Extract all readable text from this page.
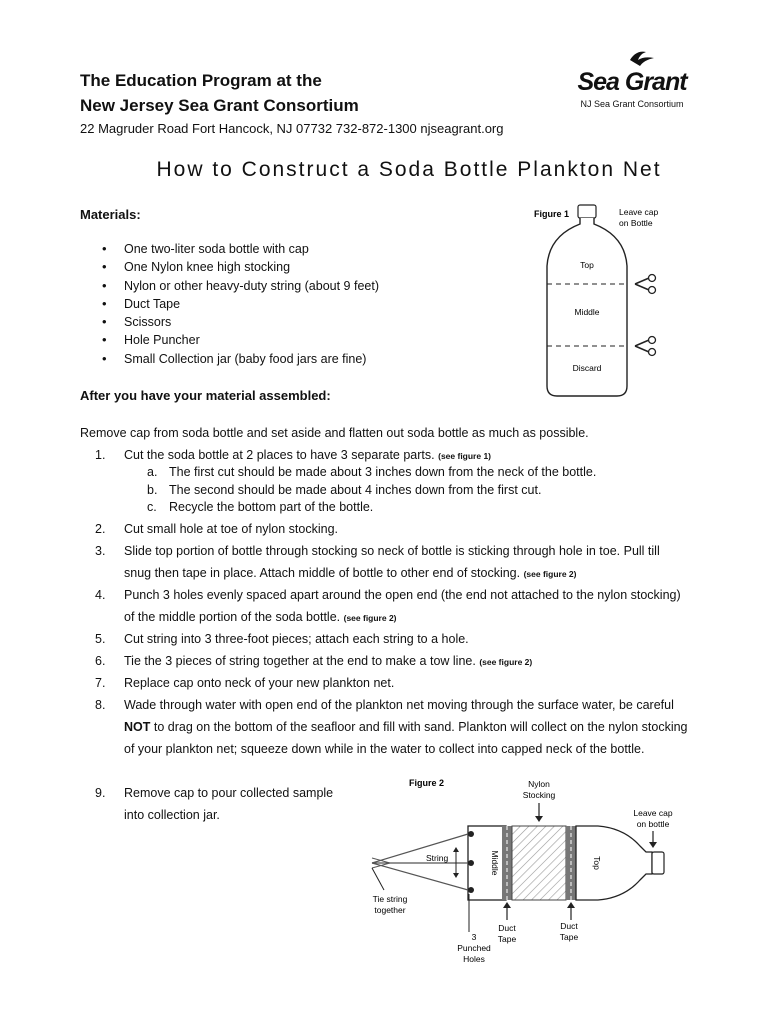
The Education Program at the
New Jersey Sea Grant Consortium
22 Magruder Road Fort Hancock, NJ 07732 732-872-1300 njseagrant.org
Sea Grant
NJ Sea Grant Consortium
How to Construct a Soda Bottle Plankton Net
Materials:
• One two-liter soda bottle with cap
• One Nylon knee high stocking
• Nylon or other heavy-duty string (about 9 feet)
• Duct Tape
• Scissors
• Hole Puncher
• Small Collection jar (baby food jars are fine)
Figure 1	Leave cap
on Bottle
Top
Middle
Discard
After you have your material assembled:
Remove cap from soda bottle and set aside and flatten out soda bottle as much as possible.
1.	Cut the soda bottle at 2 places to have 3 separate parts. (see figure 1)
a. The first cut should be made about 3 inches down from the neck of the bottle.
b. The second should be made about 4 inches down from the first cut.
c. Recycle the bottom part of the bottle.
2.	Cut small hole at toe of nylon stocking.
3.	Slide top portion of bottle through stocking so neck of bottle is sticking through hole in toe. Pull till snug then tape in place. Attach middle of bottle to other end of stocking. (see figure 2)
4.	Punch 3 holes evenly spaced apart around the open end (the end not attached to the nylon stocking) of the middle portion of the soda bottle. (see figure 2)
5.	Cut string into 3 three-foot pieces; attach each string to a hole.
6.	Tie the 3 pieces of string together at the end to make a tow line. (see figure 2)
7.	Replace cap onto neck of your new plankton net.
8.	Wade through water with open end of the plankton net moving through the surface water, be careful NOT to drag on the bottom of the seafloor and fill with sand. Plankton will collect on the nylon stocking of your plankton net; squeeze down while in the water to collect into capped neck of the bottle.
9.	Remove cap to pour collected sample into collection jar.
Figure 2	Nylon
Stocking
Leave cap
on bottle
Middle	Top
String
Tie string
together
Duct
Tape
Duct
Tape
3
Punched
Holes
